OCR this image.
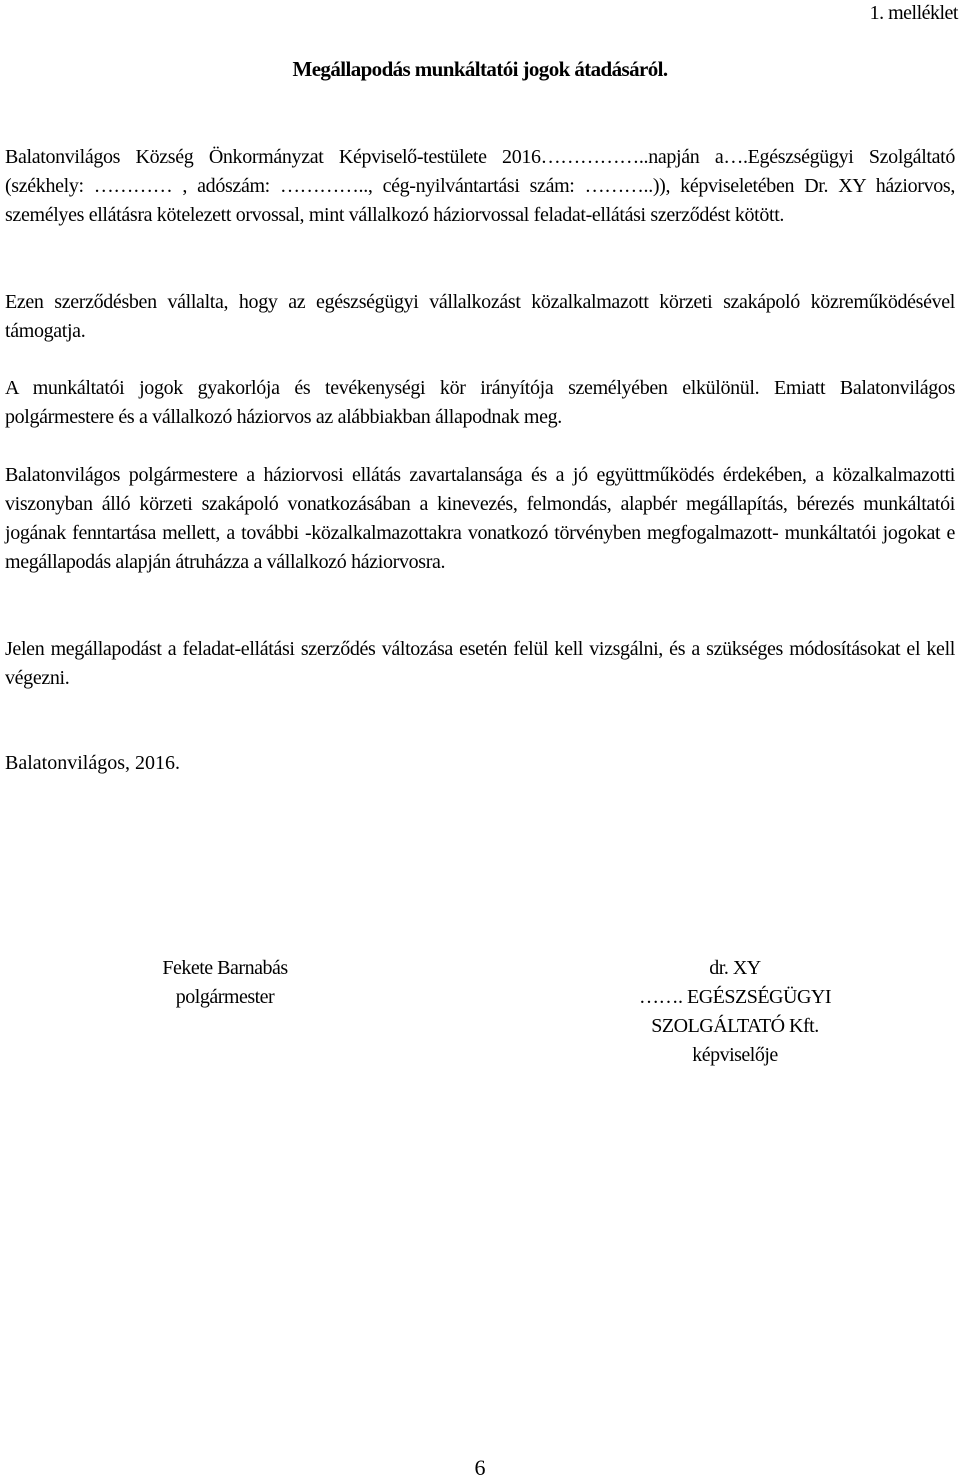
1. melléklet
Megállapodás munkáltatói jogok átadásáról.

Balatonvilágos Község Önkormányzat Képviselő-testülete 2016……………..napján a….Egészségügyi Szolgáltató (székhely: ………… , adószám: ………….., cég-nyilvántartási szám: ………..)), képviseletében Dr. XY háziorvos, személyes ellátásra kötelezett orvossal, mint vállalkozó háziorvossal feladat-ellátási szerződést kötött.

Ezen szerződésben vállalta, hogy az egészségügyi vállalkozást közalkalmazott körzeti szakápoló közreműködésével támogatja.

A munkáltatói jogok gyakorlója és tevékenységi kör irányítója személyében elkülönül. Emiatt Balatonvilágos polgármestere és a vállalkozó háziorvos az alábbiakban állapodnak meg.

Balatonvilágos polgármestere a háziorvosi ellátás zavartalansága és a jó együttműködés érdekében, a közalkalmazotti viszonyban álló körzeti szakápoló vonatkozásában a kinevezés, felmondás, alapbér megállapítás, bérezés munkáltatói jogának fenntartása mellett, a további -közalkalmazottakra vonatkozó törvényben megfogalmazott- munkáltatói jogokat e megállapodás alapján átruházza a vállalkozó háziorvosra.

Jelen megállapodást a feladat-ellátási szerződés változása esetén felül kell vizsgálni, és a szükséges módosításokat el kell végezni.

Balatonvilágos, 2016.
Fekete Barnabás
polgármester
dr. XY
……. EGÉSZSÉGÜGYI
SZOLGÁLTATÓ Kft.
képviselője
6
